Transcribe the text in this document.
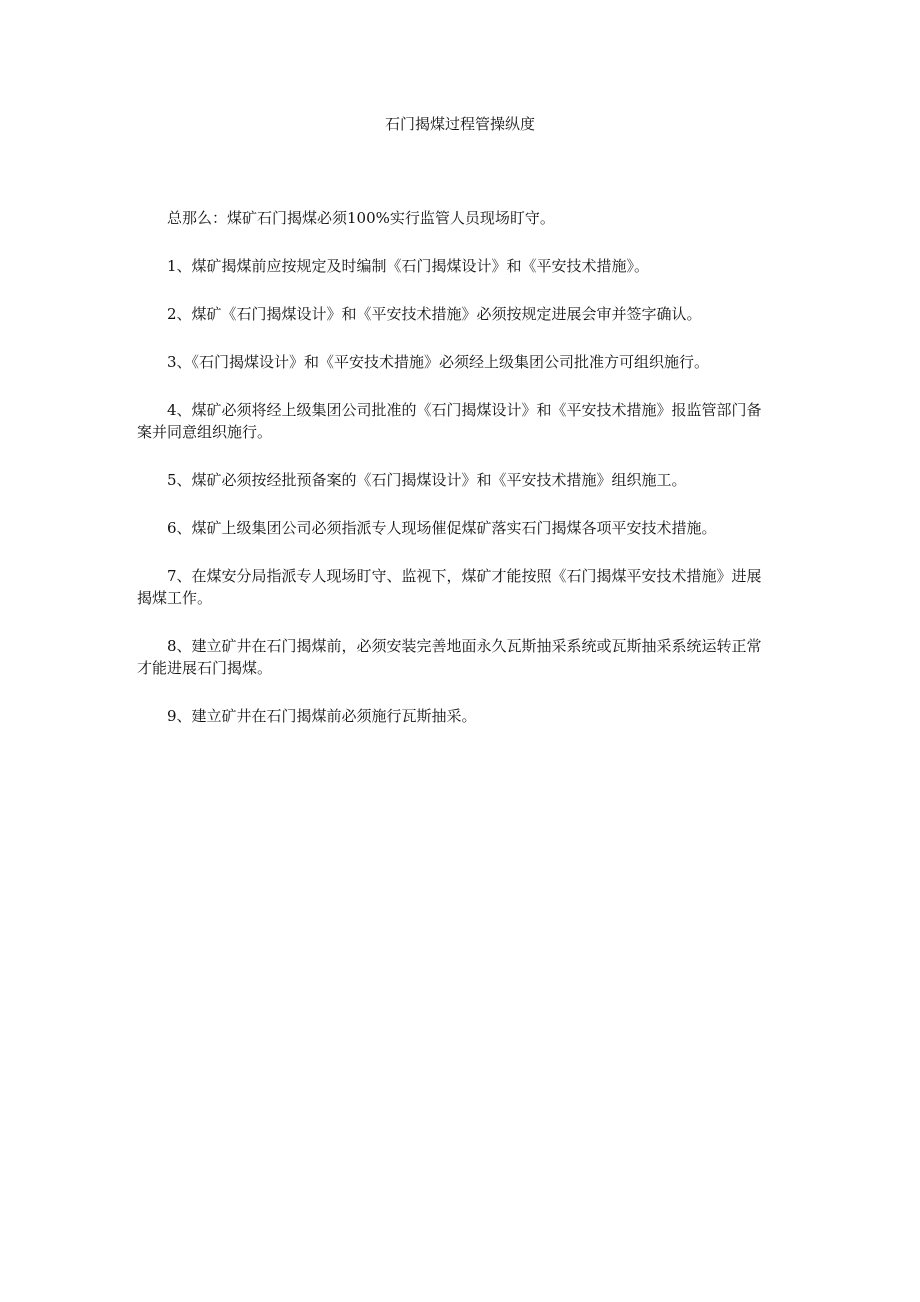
石门揭煤过程管操纵度

总那么：煤矿石门揭煤必须100%实行监管人员现场盯守。

1、煤矿揭煤前应按规定及时编制《石门揭煤设计》和《平安技术措施》。

2、煤矿《石门揭煤设计》和《平安技术措施》必须按规定进展会审并签字确认。

3、《石门揭煤设计》和《平安技术措施》必须经上级集团公司批准方可组织施行。

4、煤矿必须将经上级集团公司批准的《石门揭煤设计》和《平安技术措施》报监管部门备案并同意组织施行。

5、煤矿必须按经批预备案的《石门揭煤设计》和《平安技术措施》组织施工。

6、煤矿上级集团公司必须指派专人现场催促煤矿落实石门揭煤各项平安技术措施。

7、在煤安分局指派专人现场盯守、监视下，煤矿才能按照《石门揭煤平安技术措施》进展揭煤工作。

8、建立矿井在石门揭煤前，必须安装完善地面永久瓦斯抽采系统或瓦斯抽采系统运转正常才能进展石门揭煤。

9、建立矿井在石门揭煤前必须施行瓦斯抽采。
